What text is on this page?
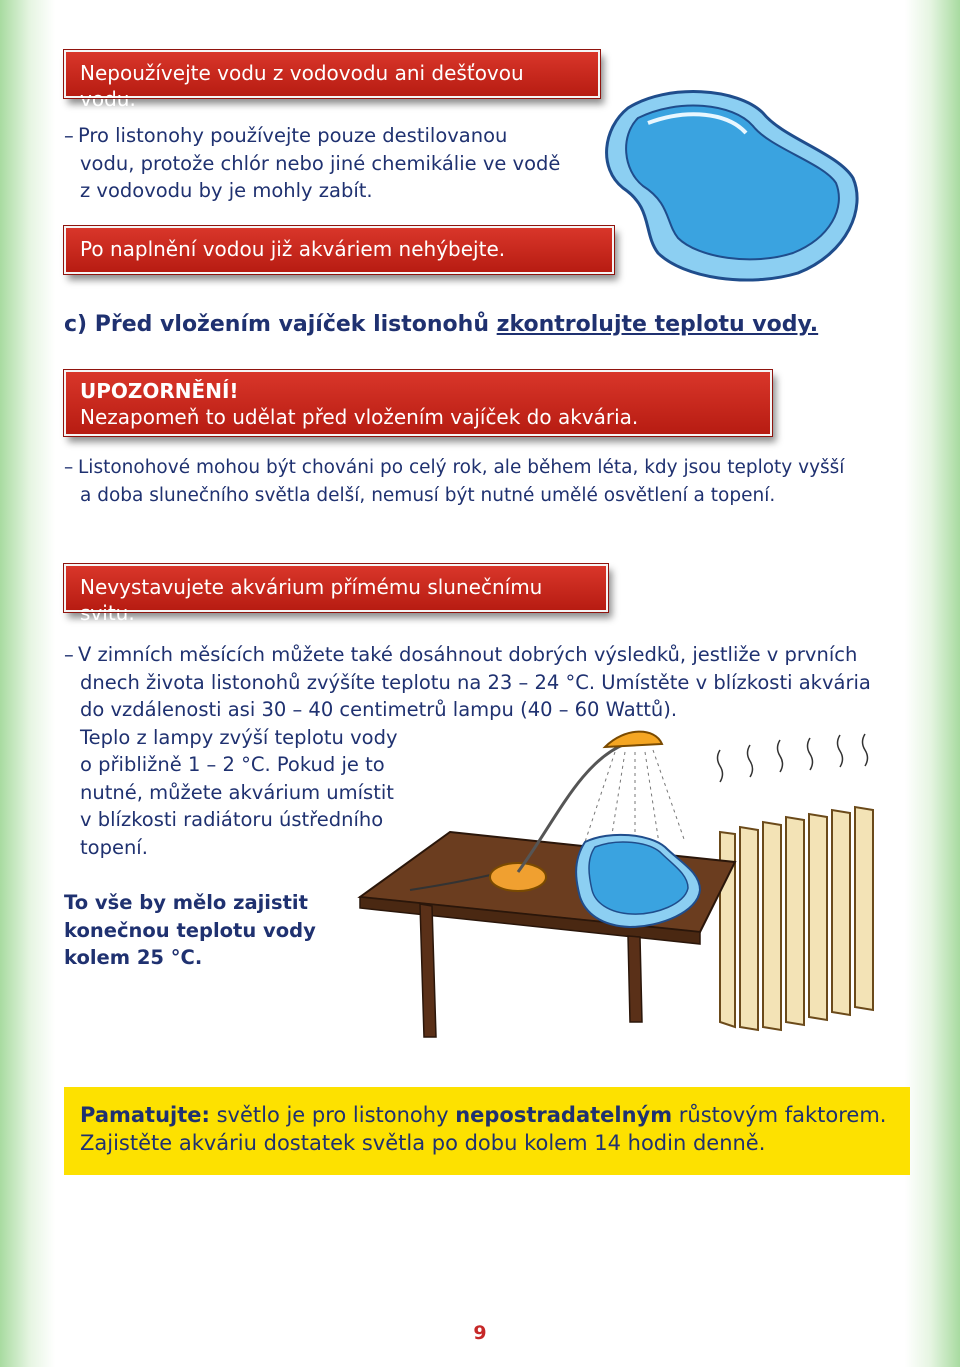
Nepoužívejte vodu z vodovodu ani dešťovou vodu.
– Pro listonohy používejte pouze destilovanou
vodu, protože chlór nebo jiné chemikálie ve vodě
z vodovodu by je mohly zabít.
Po naplnění vodou již akváriem nehýbejte.
c) Před vložením vajíček listonohů zkontrolujte teplotu vody.
UPOZORNĚNÍ!
Nezapomeň to udělat před vložením vajíček do akvária.
– Listonohové mohou být chováni po celý rok, ale během léta, kdy jsou teploty vyšší
a doba slunečního světla delší, nemusí být nutné umělé osvětlení a topení.
Nevystavujete akvárium přímému slunečnímu svitu.
– V zimních měsících můžete také dosáhnout dobrých výsledků, jestliže v prvních
dnech života listonohů zvýšíte teplotu na 23 – 24 °C. Umístěte v blízkosti akvária
do vzdálenosti asi 30 – 40 centimetrů lampu (40 – 60 Wattů).
Teplo z lampy zvýší teplotu vody
o přibližně 1 – 2 °C. Pokud je to
nutné, můžete akvárium umístit
v blízkosti radiátoru ústředního
topení.
To vše by mělo zajistit
konečnou teplotu vody
kolem 25 °C.
Pamatujte: světlo je pro listonohy nepostradatelným růstovým faktorem.
Zajistěte akváriu dostatek světla po dobu kolem 14 hodin denně.
9
